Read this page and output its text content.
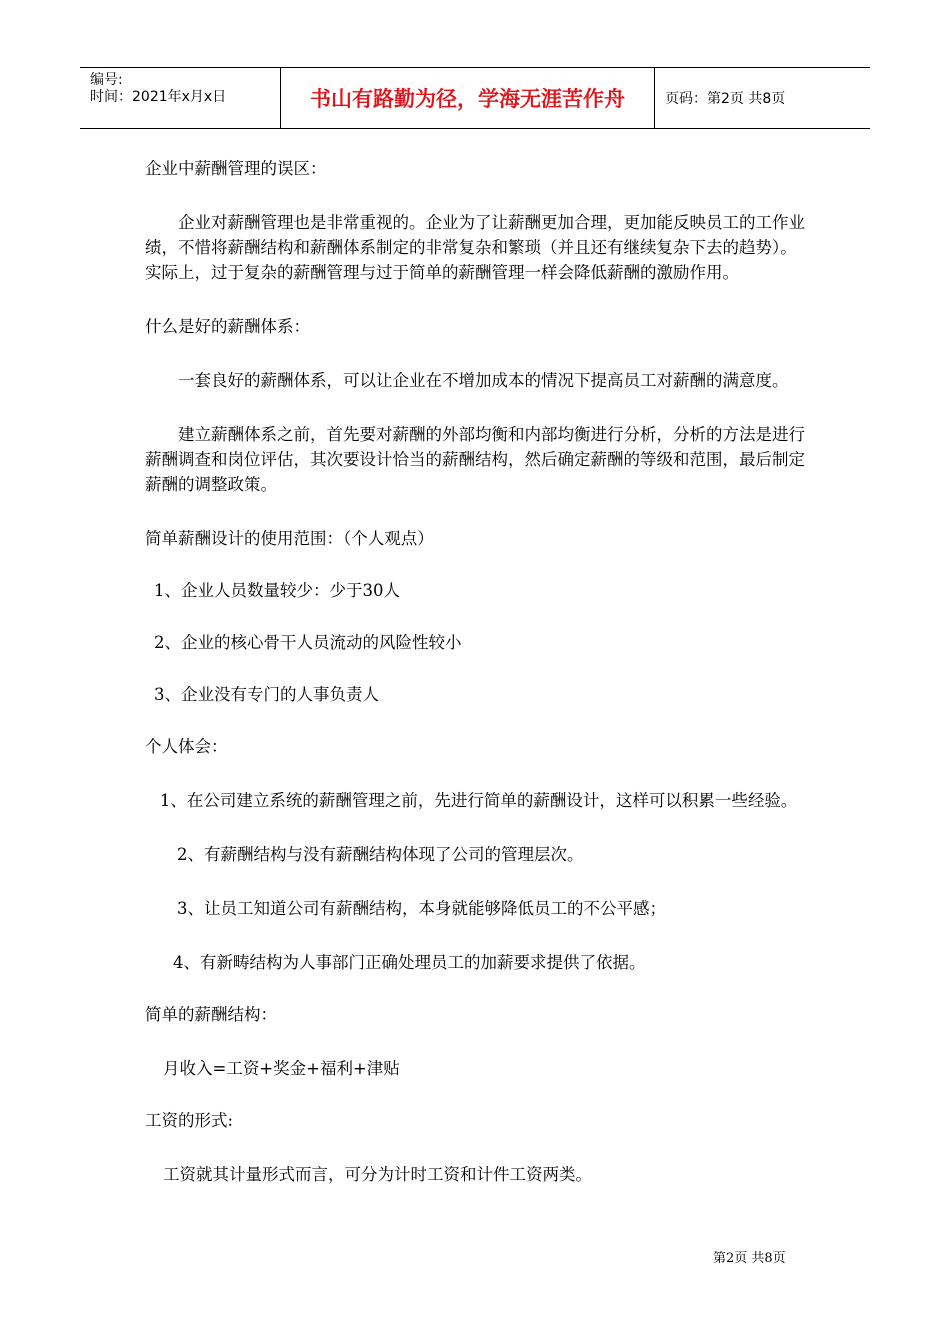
编号:
时间：2021年x月x日	书山有路勤为径，学海无涯苦作舟	页码：第2页 共8页

企业中薪酬管理的误区：

企业对薪酬管理也是非常重视的。企业为了让薪酬更加合理，更加能反映员工的工作业绩，不惜将薪酬结构和薪酬体系制定的非常复杂和繁琐（并且还有继续复杂下去的趋势）。实际上，过于复杂的薪酬管理与过于简单的薪酬管理一样会降低薪酬的激励作用。

什么是好的薪酬体系：

一套良好的薪酬体系，可以让企业在不增加成本的情况下提高员工对薪酬的满意度。

建立薪酬体系之前，首先要对薪酬的外部均衡和内部均衡进行分析，分析的方法是进行薪酬调查和岗位评估，其次要设计恰当的薪酬结构，然后确定薪酬的等级和范围，最后制定薪酬的调整政策。

简单薪酬设计的使用范围：（个人观点）

1、企业人员数量较少：少于30人

2、企业的核心骨干人员流动的风险性较小

3、企业没有专门的人事负责人

个人体会：

1、在公司建立系统的薪酬管理之前，先进行简单的薪酬设计，这样可以积累一些经验。

2、有薪酬结构与没有薪酬结构体现了公司的管理层次。

3、让员工知道公司有薪酬结构，本身就能够降低员工的不公平感；

4、有新畴结构为人事部门正确处理员工的加薪要求提供了依据。

简单的薪酬结构：

月收入=工资+奖金+福利+津贴

工资的形式:

工资就其计量形式而言，可分为计时工资和计件工资两类。

第2页 共8页
